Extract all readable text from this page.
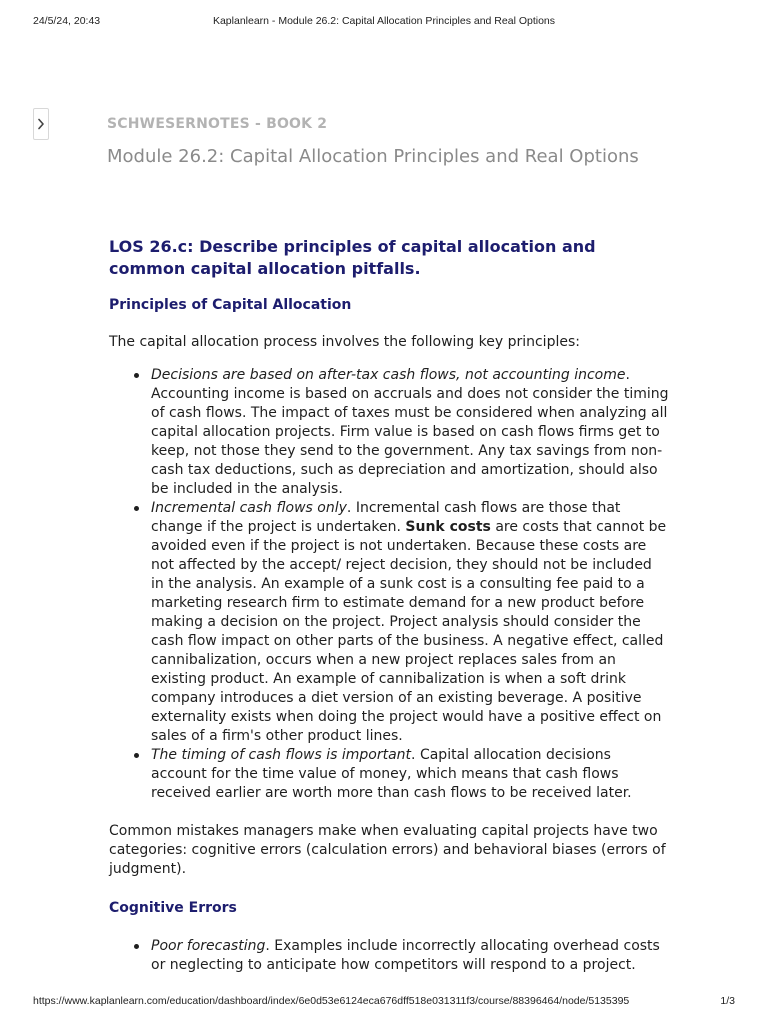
24/5/24, 20:43	Kaplanlearn - Module 26.2: Capital Allocation Principles and Real Options
SCHWESERNOTES - BOOK 2
Module 26.2: Capital Allocation Principles and Real Options
LOS 26.c: Describe principles of capital allocation and common capital allocation pitfalls.
Principles of Capital Allocation

The capital allocation process involves the following key principles:

Decisions are based on after-tax cash flows, not accounting income. Accounting income is based on accruals and does not consider the timing of cash flows. The impact of taxes must be considered when analyzing all capital allocation projects. Firm value is based on cash flows firms get to keep, not those they send to the government. Any tax savings from non-cash tax deductions, such as depreciation and amortization, should also be included in the analysis.
Incremental cash flows only. Incremental cash flows are those that change if the project is undertaken. Sunk costs are costs that cannot be avoided even if the project is not undertaken. Because these costs are not affected by the accept/ reject decision, they should not be included in the analysis. An example of a sunk cost is a consulting fee paid to a marketing research firm to estimate demand for a new product before making a decision on the project. Project analysis should consider the cash flow impact on other parts of the business. A negative effect, called cannibalization, occurs when a new project replaces sales from an existing product. An example of cannibalization is when a soft drink company introduces a diet version of an existing beverage. A positive externality exists when doing the project would have a positive effect on sales of a firm's other product lines.
The timing of cash flows is important. Capital allocation decisions account for the time value of money, which means that cash flows received earlier are worth more than cash flows to be received later.

Common mistakes managers make when evaluating capital projects have two categories: cognitive errors (calculation errors) and behavioral biases (errors of judgment).

Cognitive Errors
Poor forecasting. Examples include incorrectly allocating overhead costs or neglecting to anticipate how competitors will respond to a project.
https://www.kaplanlearn.com/education/dashboard/index/6e0d53e6124eca676dff518e031311f3/course/88396464/node/5135395	1/3
